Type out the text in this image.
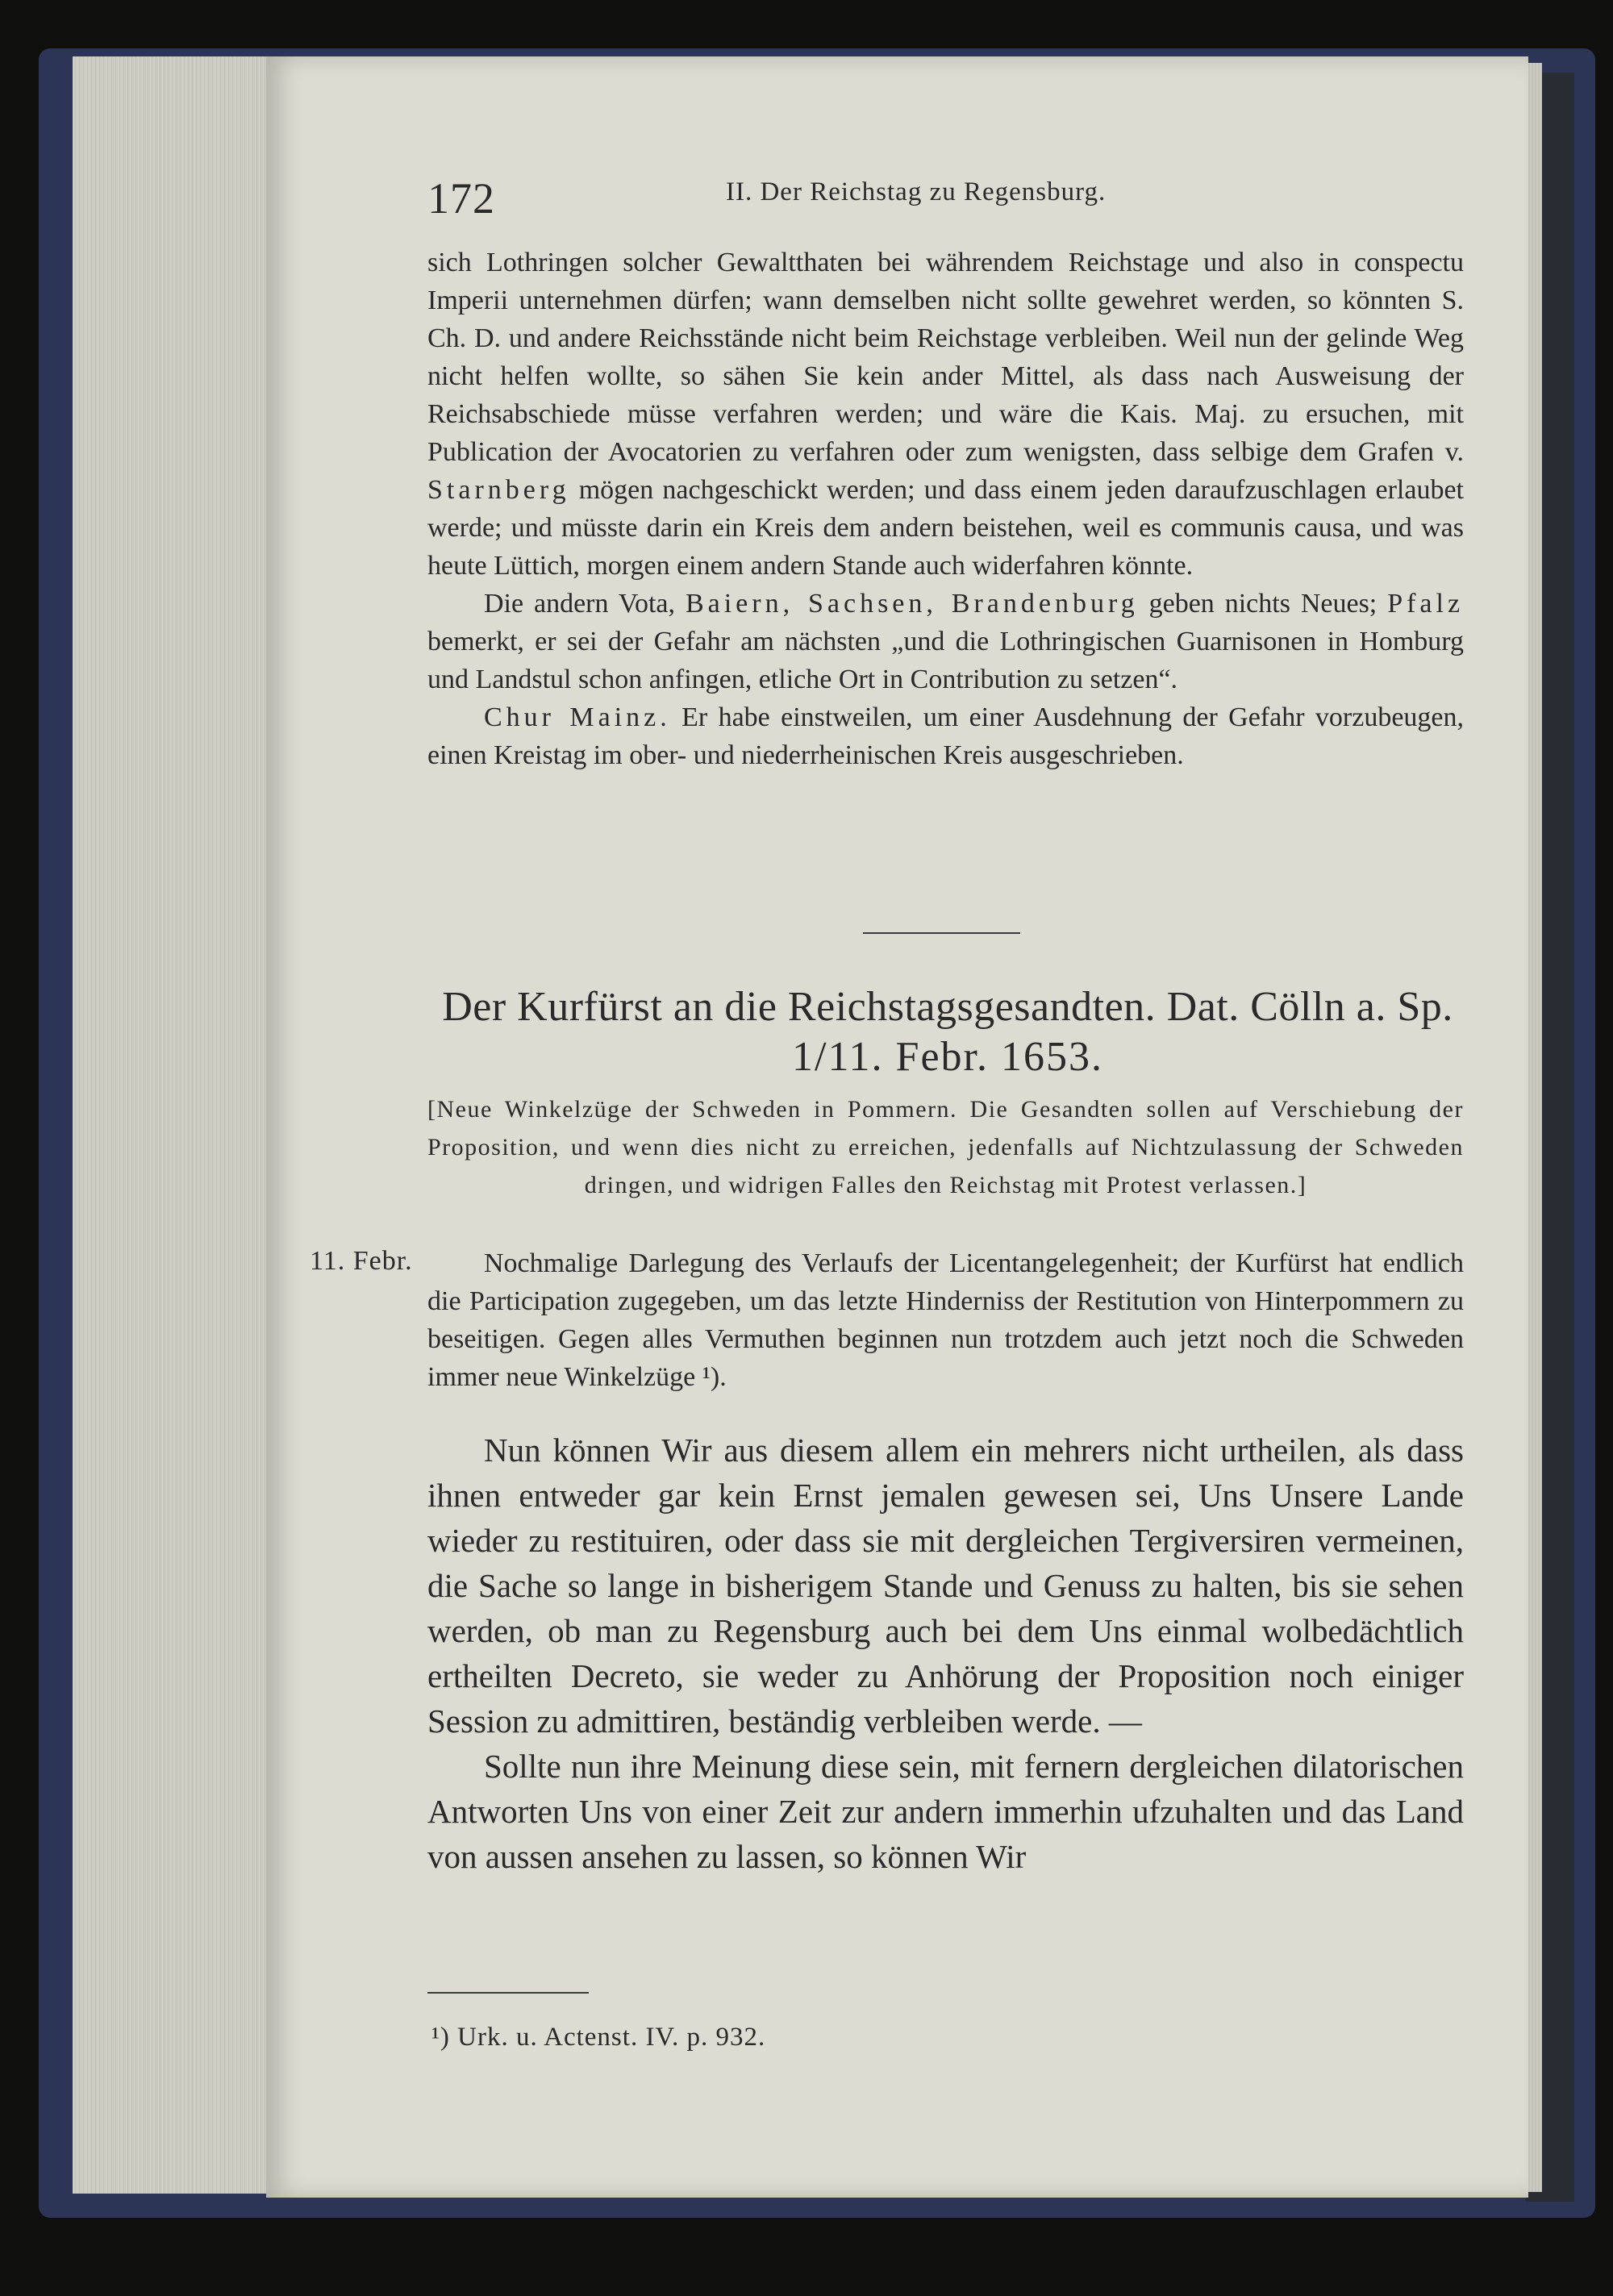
172	II. Der Reichstag zu Regensburg.

sich Lothringen solcher Gewaltthaten bei währendem Reichstage und also in conspectu Imperii unternehmen dürfen; wann demselben nicht sollte gewehret werden, so könnten S. Ch. D. und andere Reichsstände nicht beim Reichstage verbleiben. Weil nun der gelinde Weg nicht helfen wollte, so sähen Sie kein ander Mittel, als dass nach Ausweisung der Reichsabschiede müsse verfahren werden; und wäre die Kais. Maj. zu ersuchen, mit Publication der Avocatorien zu verfahren oder zum wenigsten, dass selbige dem Grafen v. Starnberg mögen nachgeschickt werden; und dass einem jeden daraufzuschlagen erlaubet werde; und müsste darin ein Kreis dem andern beistehen, weil es communis causa, und was heute Lüttich, morgen einem andern Stande auch widerfahren könnte.

Die andern Vota, Baiern, Sachsen, Brandenburg geben nichts Neues; Pfalz bemerkt, er sei der Gefahr am nächsten „und die Lothringischen Guarnisonen in Homburg und Landstul schon anfingen, etliche Ort in Contribution zu setzen“.

Chur Mainz. Er habe einstweilen, um einer Ausdehnung der Gefahr vorzubeugen, einen Kreistag im ober- und niederrheinischen Kreis ausgeschrieben.

Der Kurfürst an die Reichstagsgesandten. Dat. Cölln a. Sp.
1/11. Febr. 1653.
[Neue Winkelzüge der Schweden in Pommern. Die Gesandten sollen auf Verschiebung der Proposition, und wenn dies nicht zu erreichen, jedenfalls auf Nichtzulassung der Schweden dringen, und widrigen Falles den Reichstag mit Protest verlassen.]
11. Febr.	Nochmalige Darlegung des Verlaufs der Licentangelegenheit; der Kurfürst hat endlich die Participation zugegeben, um das letzte Hinderniss der Restitution von Hinterpommern zu beseitigen. Gegen alles Vermuthen beginnen nun trotzdem auch jetzt noch die Schweden immer neue Winkelzüge ¹).

Nun können Wir aus diesem allem ein mehrers nicht urtheilen, als dass ihnen entweder gar kein Ernst jemalen gewesen sei, Uns Unsere Lande wieder zu restituiren, oder dass sie mit dergleichen Tergiversiren vermeinen, die Sache so lange in bisherigem Stande und Genuss zu halten, bis sie sehen werden, ob man zu Regensburg auch bei dem Uns einmal wolbedächtlich ertheilten Decreto, sie weder zu Anhörung der Proposition noch einiger Session zu admittiren, beständig verbleiben werde. —

Sollte nun ihre Meinung diese sein, mit fernern dergleichen dilatorischen Antworten Uns von einer Zeit zur andern immerhin ufzuhalten und das Land von aussen ansehen zu lassen, so können Wir

¹) Urk. u. Actenst. IV. p. 932.
